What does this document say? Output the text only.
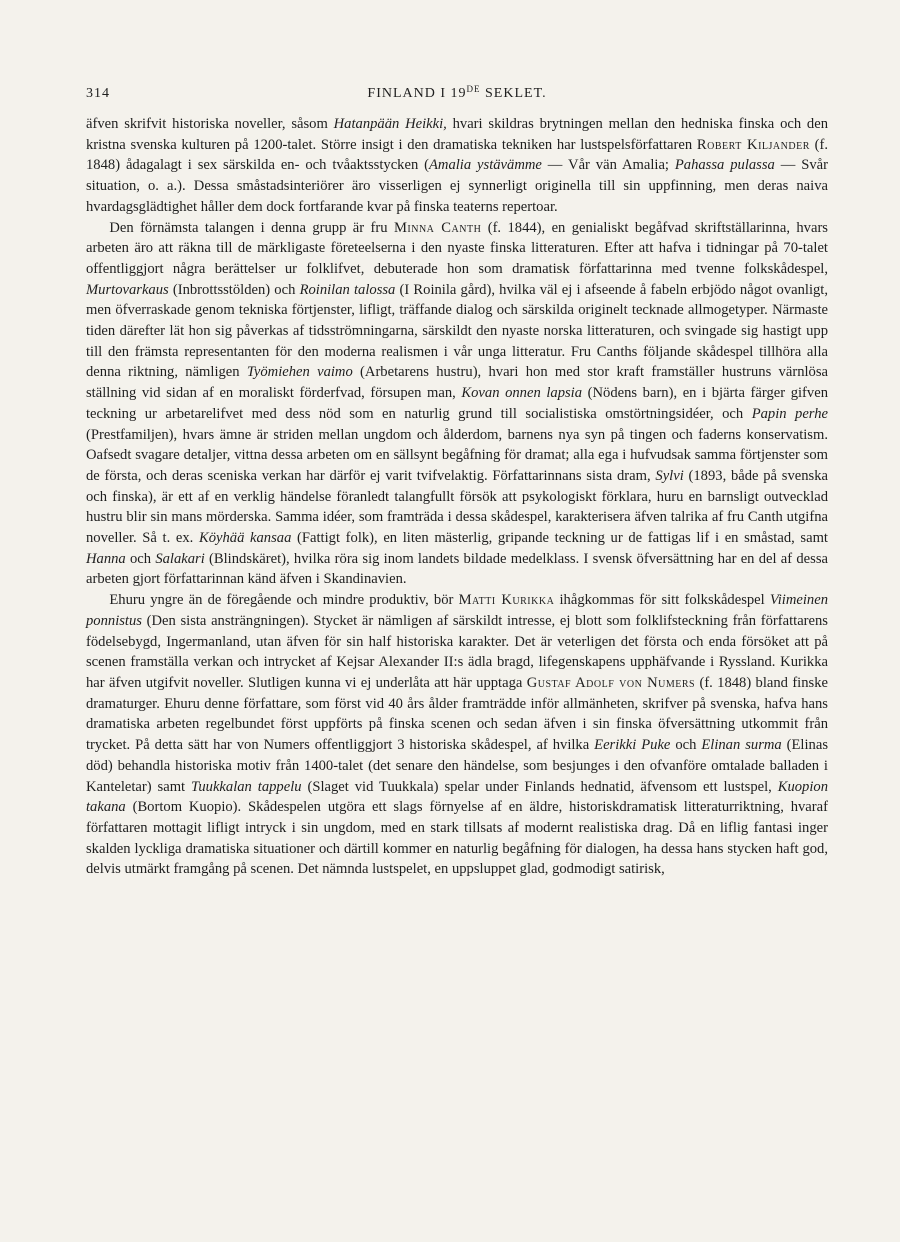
314	FINLAND I 19DE SEKLET.

äfven skrifvit historiska noveller, såsom Hatanpään Heikki, hvari skildras brytningen mellan den hedniska finska och den kristna svenska kulturen på 1200-talet. Större insigt i den dramatiska tekniken har lustspelsförfattaren Robert Kiljander (f. 1848) ådagalagt i sex särskilda en- och tvåaktsstycken (Amalia ystävämme — Vår vän Amalia; Pahassa pulassa — Svår situation, o. a.). Dessa småstadsinteriörer äro visserligen ej synnerligt originella till sin uppfinning, men deras naiva hvardagsglädtighet håller dem dock fortfarande kvar på finska teaterns repertoar.

Den förnämsta talangen i denna grupp är fru Minna Canth (f. 1844), en genialiskt begåfvad skriftställarinna, hvars arbeten äro att räkna till de märkligaste företeelserna i den nyaste finska litteraturen. Efter att hafva i tidningar på 70-talet offentliggjort några berättelser ur folklifvet, debuterade hon som dramatisk författarinna med tvenne folkskådespel, Murtovarkaus (Inbrottsstölden) och Roinilan talossa (I Roinila gård), hvilka väl ej i afseende å fabeln erbjödo något ovanligt, men öfverraskade genom tekniska förtjenster, lifligt, träffande dialog och särskilda originelt tecknade allmogetyper. Närmaste tiden därefter lät hon sig påverkas af tidsströmningarna, särskildt den nyaste norska litteraturen, och svingade sig hastigt upp till den främsta representanten för den moderna realismen i vår unga litteratur. Fru Canths följande skådespel tillhöra alla denna riktning, nämligen Työmiehen vaimo (Arbetarens hustru), hvari hon med stor kraft framställer hustruns värnlösa ställning vid sidan af en moraliskt förderfvad, försupen man, Kovan onnen lapsia (Nödens barn), en i bjärta färger gifven teckning ur arbetarelifvet med dess nöd som en naturlig grund till socialistiska omstörtningsidéer, och Papin perhe (Prestfamiljen), hvars ämne är striden mellan ungdom och ålderdom, barnens nya syn på tingen och faderns konservatism. Oafsedt svagare detaljer, vittna dessa arbeten om en sällsynt begåfning för dramat; alla ega i hufvudsak samma förtjenster som de första, och deras sceniska verkan har därför ej varit tvifvelaktig. Författarinnans sista dram, Sylvi (1893, både på svenska och finska), är ett af en verklig händelse föranledt talangfullt försök att psykologiskt förklara, huru en barnsligt outvecklad hustru blir sin mans mörderska. Samma idéer, som framträda i dessa skådespel, karakterisera äfven talrika af fru Canth utgifna noveller. Så t. ex. Köyhää kansaa (Fattigt folk), en liten mästerlig, gripande teckning ur de fattigas lif i en småstad, samt Hanna och Salakari (Blindskäret), hvilka röra sig inom landets bildade medelklass. I svensk öfversättning har en del af dessa arbeten gjort författarinnan känd äfven i Skandinavien.

Ehuru yngre än de föregående och mindre produktiv, bör Matti Kurikka ihågkommas för sitt folkskådespel Viimeinen ponnistus (Den sista ansträngningen). Stycket är nämligen af särskildt intresse, ej blott som folklifsteckning från författarens födelsebygd, Ingermanland, utan äfven för sin half historiska karakter. Det är veterligen det första och enda försöket att på scenen framställa verkan och intrycket af Kejsar Alexander II:s ädla bragd, lifegenskapens upphäfvande i Ryssland. Kurikka har äfven utgifvit noveller. Slutligen kunna vi ej underlåta att här upptaga Gustaf Adolf von Numers (f. 1848) bland finske dramaturger. Ehuru denne författare, som först vid 40 års ålder framträdde inför allmänheten, skrifver på svenska, hafva hans dramatiska arbeten regelbundet först uppförts på finska scenen och sedan äfven i sin finska öfversättning utkommit från trycket. På detta sätt har von Numers offentliggjort 3 historiska skådespel, af hvilka Eerikki Puke och Elinan surma (Elinas död) behandla historiska motiv från 1400-talet (det senare den händelse, som besjunges i den ofvanföre omtalade balladen i Kanteletar) samt Tuukkalan tappelu (Slaget vid Tuukkala) spelar under Finlands hednatid, äfvensom ett lustspel, Kuopion takana (Bortom Kuopio). Skådespelen utgöra ett slags förnyelse af en äldre, historiskdramatisk litteraturriktning, hvaraf författaren mottagit lifligt intryck i sin ungdom, med en stark tillsats af modernt realistiska drag. Då en liflig fantasi inger skalden lyckliga dramatiska situationer och därtill kommer en naturlig begåfning för dialogen, ha dessa hans stycken haft god, delvis utmärkt framgång på scenen. Det nämnda lustspelet, en uppsluppet glad, godmodigt satirisk,
